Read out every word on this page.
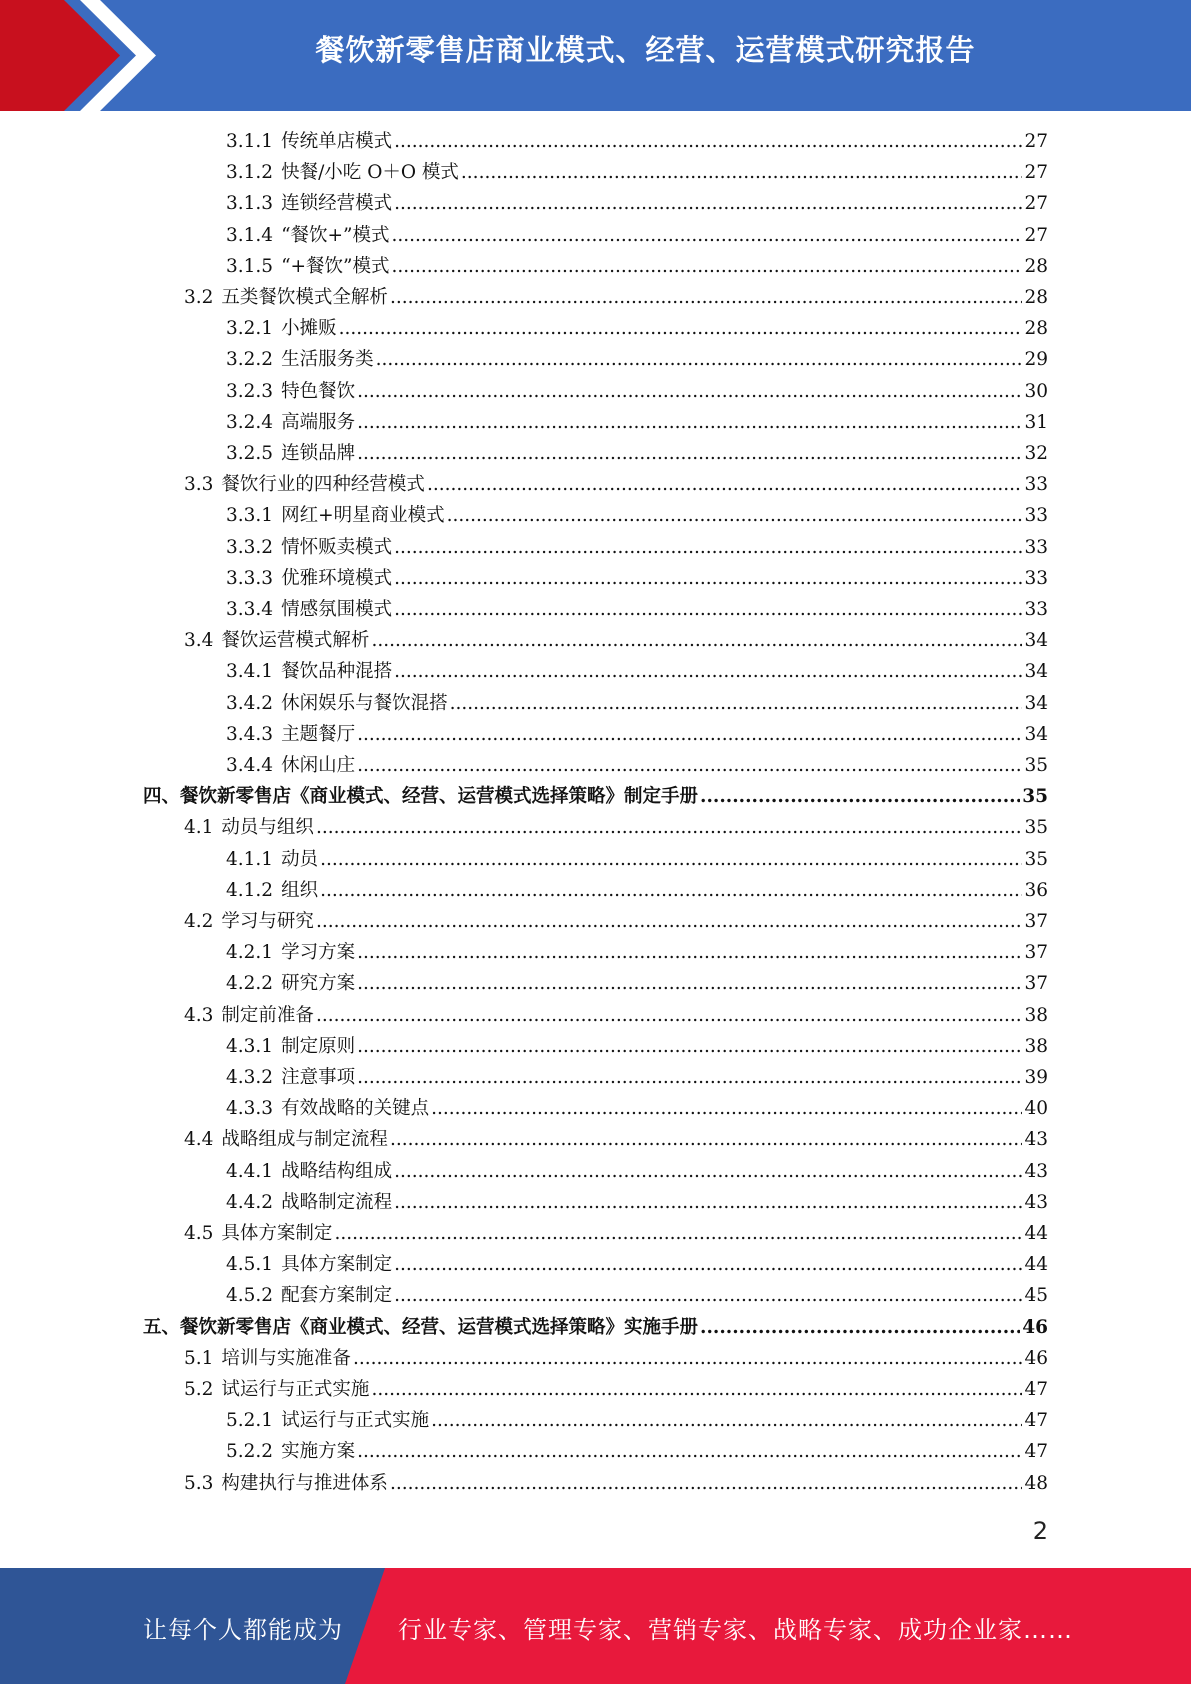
餐饮新零售店商业模式、经营、运营模式研究报告
3.1.1 传统单店模式 .....	27
3.1.2 快餐/小吃 O＋O 模式 .....	27
3.1.3 连锁经营模式 .....	27
3.1.4 “餐饮+”模式 .....	27
3.1.5 “+餐饮”模式 .....	28
3.2 五类餐饮模式全解析 .....	28
3.2.1 小摊贩 .....	28
3.2.2 生活服务类 .....	29
3.2.3 特色餐饮 .....	30
3.2.4 高端服务 .....	31
3.2.5 连锁品牌 .....	32
3.3 餐饮行业的四种经营模式 .....	33
3.3.1 网红+明星商业模式 .....	33
3.3.2 情怀贩卖模式 .....	33
3.3.3 优雅环境模式 .....	33
3.3.4 情感氛围模式 .....	33
3.4 餐饮运营模式解析 .....	34
3.4.1 餐饮品种混搭 .....	34
3.4.2 休闲娱乐与餐饮混搭 .....	34
3.4.3 主题餐厅 .....	34
3.4.4 休闲山庄 .....	35
四、 餐饮新零售店《商业模式、经营、运营模式选择策略》制定手册 .....	35
4.1 动员与组织 .....	35
4.1.1 动员 .....	35
4.1.2 组织 .....	36
4.2 学习与研究 .....	37
4.2.1 学习方案 .....	37
4.2.2 研究方案 .....	37
4.3 制定前准备 .....	38
4.3.1 制定原则 .....	38
4.3.2 注意事项 .....	39
4.3.3 有效战略的关键点 .....	40
4.4 战略组成与制定流程 .....	43
4.4.1 战略结构组成 .....	43
4.4.2 战略制定流程 .....	43
4.5 具体方案制定 .....	44
4.5.1 具体方案制定 .....	44
4.5.2 配套方案制定 .....	45
五、 餐饮新零售店《商业模式、经营、运营模式选择策略》实施手册 .....	46
5.1 培训与实施准备 .....	46
5.2 试运行与正式实施 .....	47
5.2.1 试运行与正式实施 .....	47
5.2.2 实施方案 .....	47
5.3 构建执行与推进体系 .....	48
2
让每个人都能成为 行业专家、管理专家、营销专家、战略专家、成功企业家……
